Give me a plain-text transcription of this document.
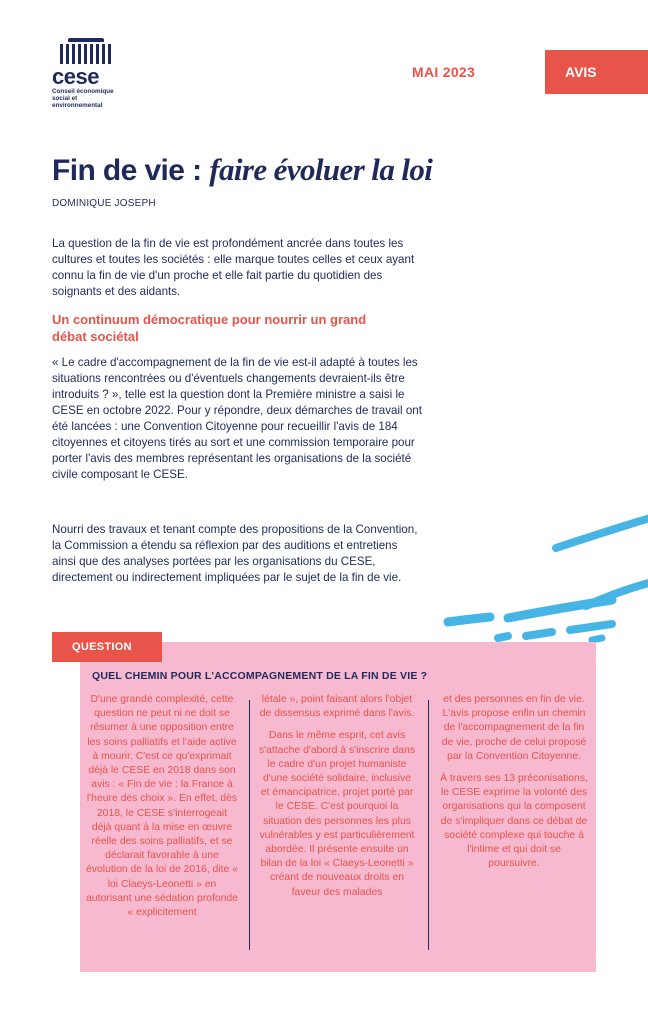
cese
Conseil économique social et environnemental
MAI 2023	AVIS
Fin de vie : faire évoluer la loi
DOMINIQUE JOSEPH
La question de la fin de vie est profondément ancrée dans toutes les cultures et toutes les sociétés : elle marque toutes celles et ceux ayant connu la fin de vie d'un proche et elle fait partie du quotidien des soignants et des aidants.
Un continuum démocratique pour nourrir un grand débat sociétal
« Le cadre d'accompagnement de la fin de vie est-il adapté à toutes les situations rencontrées ou d'éventuels changements devraient-ils être introduits ? », telle est la question dont la Première ministre a saisi le CESE en octobre 2022. Pour y répondre, deux démarches de travail ont été lancées : une Convention Citoyenne pour recueillir l'avis de 184 citoyennes et citoyens tirés au sort et une commission temporaire pour porter l'avis des membres représentant les organisations de la société civile composant le CESE.
Nourri des travaux et tenant compte des propositions de la Convention, la Commission a étendu sa réflexion par des auditions et entretiens ainsi que des analyses portées par les organisations du CESE, directement ou indirectement impliquées par le sujet de la fin de vie.
QUESTION
QUEL CHEMIN POUR L'ACCOMPAGNEMENT DE LA FIN DE VIE ?

D'une grande complexité, cette question ne peut ni ne doit se résumer à une opposition entre les soins palliatifs et l'aide active à mourir. C'est ce qu'exprimait déjà le CESE en 2018 dans son avis : « Fin de vie : la France à l'heure des choix ». En effet, dès 2018, le CESE s'interrogeait déjà quant à la mise en œuvre réelle des soins palliatifs, et se déclarait favorable à une évolution de la loi de 2016, dite « loi Claeys-Leonetti » en autorisant une sédation profonde « explicitement

létale », point faisant alors l'objet de dissensus exprimé dans l'avis.

Dans le même esprit, cet avis s'attache d'abord à s'inscrire dans le cadre d'un projet humaniste d'une société solidaire, inclusive et émancipatrice, projet porté par le CESE. C'est pourquoi la situation des personnes les plus vulnérables y est particulièrement abordée. Il présente ensuite un bilan de la loi « Claeys-Leonetti » créant de nouveaux droits en faveur des malades

et des personnes en fin de vie. L'avis propose enfin un chemin de l'accompagnement de la fin de vie, proche de celui proposé par la Convention Citoyenne.

À travers ses 13 préconisations, le CESE exprime la volonté des organisations qui la composent de s'impliquer dans ce débat de société complexe qui touche à l'intime et qui doit se poursuivre.
